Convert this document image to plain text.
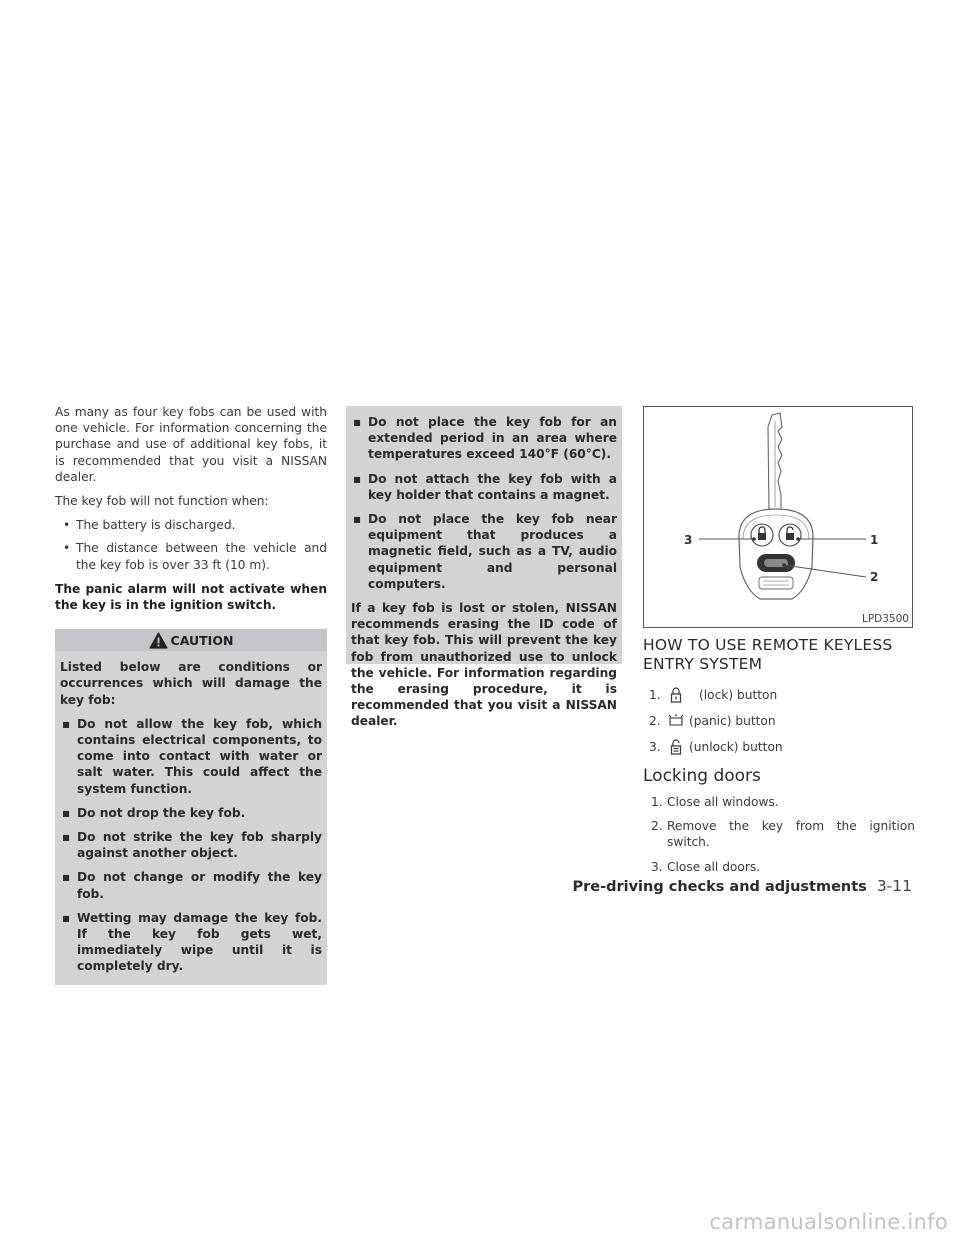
As many as four key fobs can be used with one vehicle. For information concerning the purchase and use of additional key fobs, it is recommended that you visit a NISSAN dealer.

The key fob will not function when:

• The battery is discharged.
• The distance between the vehicle and the key fob is over 33 ft (10 m).

The panic alarm will not activate when the key is in the ignition switch.

CAUTION

Listed below are conditions or occurrences which will damage the key fob:

▪ Do not allow the key fob, which contains electrical components, to come into contact with water or salt water. This could affect the system function.
▪ Do not drop the key fob.
▪ Do not strike the key fob sharply against another object.
▪ Do not change or modify the key fob.
▪ Wetting may damage the key fob. If the key fob gets wet, immediately wipe until it is completely dry.
▪ Do not place the key fob for an extended period in an area where temperatures exceed 140°F (60°C).
▪ Do not attach the key fob with a key holder that contains a magnet.
▪ Do not place the key fob near equipment that produces a magnetic field, such as a TV, audio equipment and personal computers.

If a key fob is lost or stolen, NISSAN recommends erasing the ID code of that key fob. This will prevent the key fob from unauthorized use to unlock the vehicle. For information regarding the erasing procedure, it is recommended that you visit a NISSAN dealer.

3	1
2
LPD3500
HOW TO USE REMOTE KEYLESS ENTRY SYSTEM
1.	(lock) button
2. (panic) button
3. (unlock) button
Locking doors
1. Close all windows.
2. Remove the key from the ignition switch.
3. Close all doors.
Pre-driving checks and adjustments 3-11
carmanualsonline.info
